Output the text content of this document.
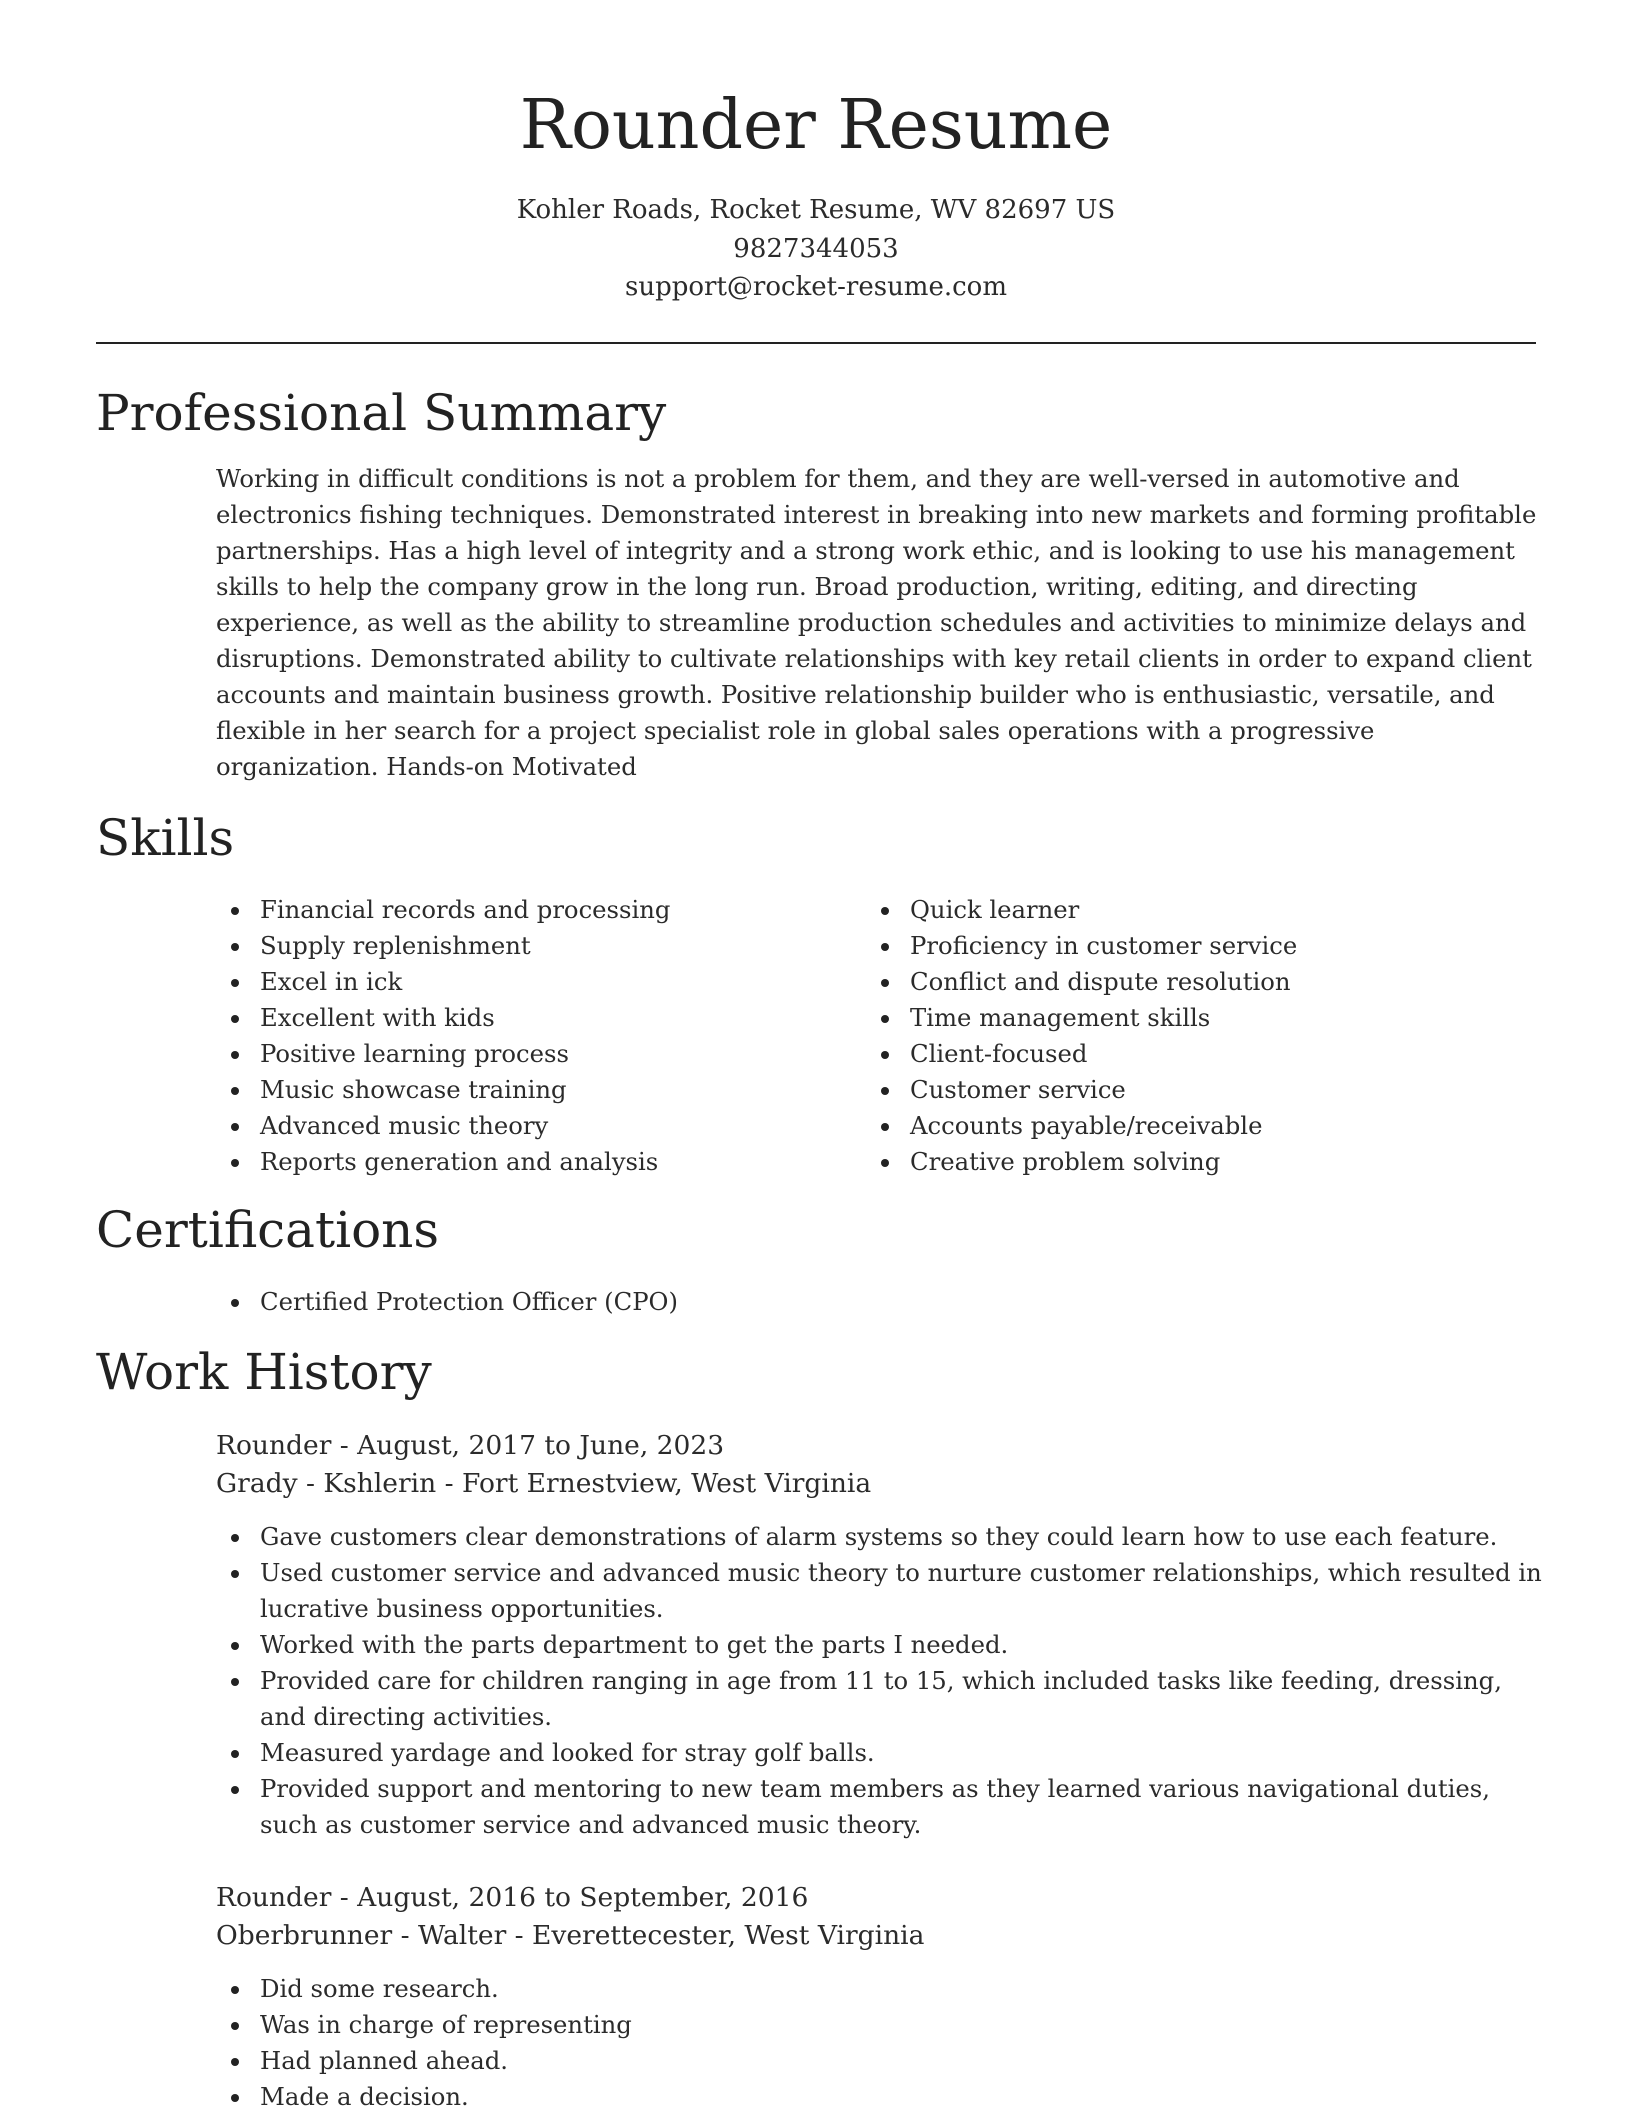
Rounder Resume
Kohler Roads, Rocket Resume, WV 82697 US
9827344053
support@rocket-resume.com
Professional Summary

Working in difficult conditions is not a problem for them, and they are well-versed in automotive and electronics fishing techniques. Demonstrated interest in breaking into new markets and forming profitable partnerships. Has a high level of integrity and a strong work ethic, and is looking to use his management skills to help the company grow in the long run. Broad production, writing, editing, and directing experience, as well as the ability to streamline production schedules and activities to minimize delays and disruptions. Demonstrated ability to cultivate relationships with key retail clients in order to expand client accounts and maintain business growth. Positive relationship builder who is enthusiastic, versatile, and flexible in her search for a project specialist role in global sales operations with a progressive organization. Hands-on Motivated

Skills
Financial records and processing
Supply replenishment
Excel in ick
Excellent with kids
Positive learning process
Music showcase training
Advanced music theory
Reports generation and analysis
Quick learner
Proficiency in customer service
Conflict and dispute resolution
Time management skills
Client-focused
Customer service
Accounts payable/receivable
Creative problem solving
Certifications
Certified Protection Officer (CPO)
Work History
Rounder - August, 2017 to June, 2023
Grady - Kshlerin - Fort Ernestview, West Virginia
Gave customers clear demonstrations of alarm systems so they could learn how to use each feature.
Used customer service and advanced music theory to nurture customer relationships, which resulted in lucrative business opportunities.
Worked with the parts department to get the parts I needed.
Provided care for children ranging in age from 11 to 15, which included tasks like feeding, dressing, and directing activities.
Measured yardage and looked for stray golf balls.
Provided support and mentoring to new team members as they learned various navigational duties, such as customer service and advanced music theory.
Rounder - August, 2016 to September, 2016
Oberbrunner - Walter - Everettecester, West Virginia
Did some research.
Was in charge of representing
Had planned ahead.
Made a decision.
